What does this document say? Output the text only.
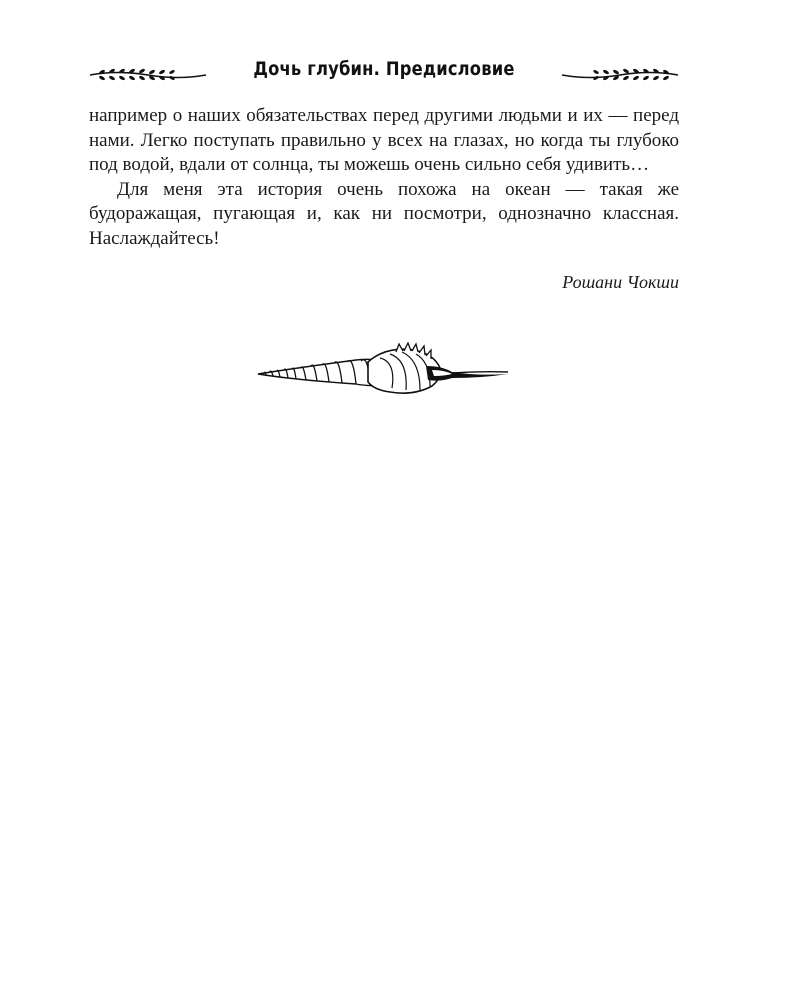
Дочь глубин. Предисловие

например о наших обязательствах перед другими людьми и их — перед нами. Легко поступать правильно у всех на глазах, но когда ты глубоко под водой, вдали от солнца, ты можешь очень сильно себя удивить…

Для меня эта история очень похожа на океан — такая же будоражащая, пугающая и, как ни посмотри, однозначно классная. Наслаждайтесь!

Рошани Чокши
